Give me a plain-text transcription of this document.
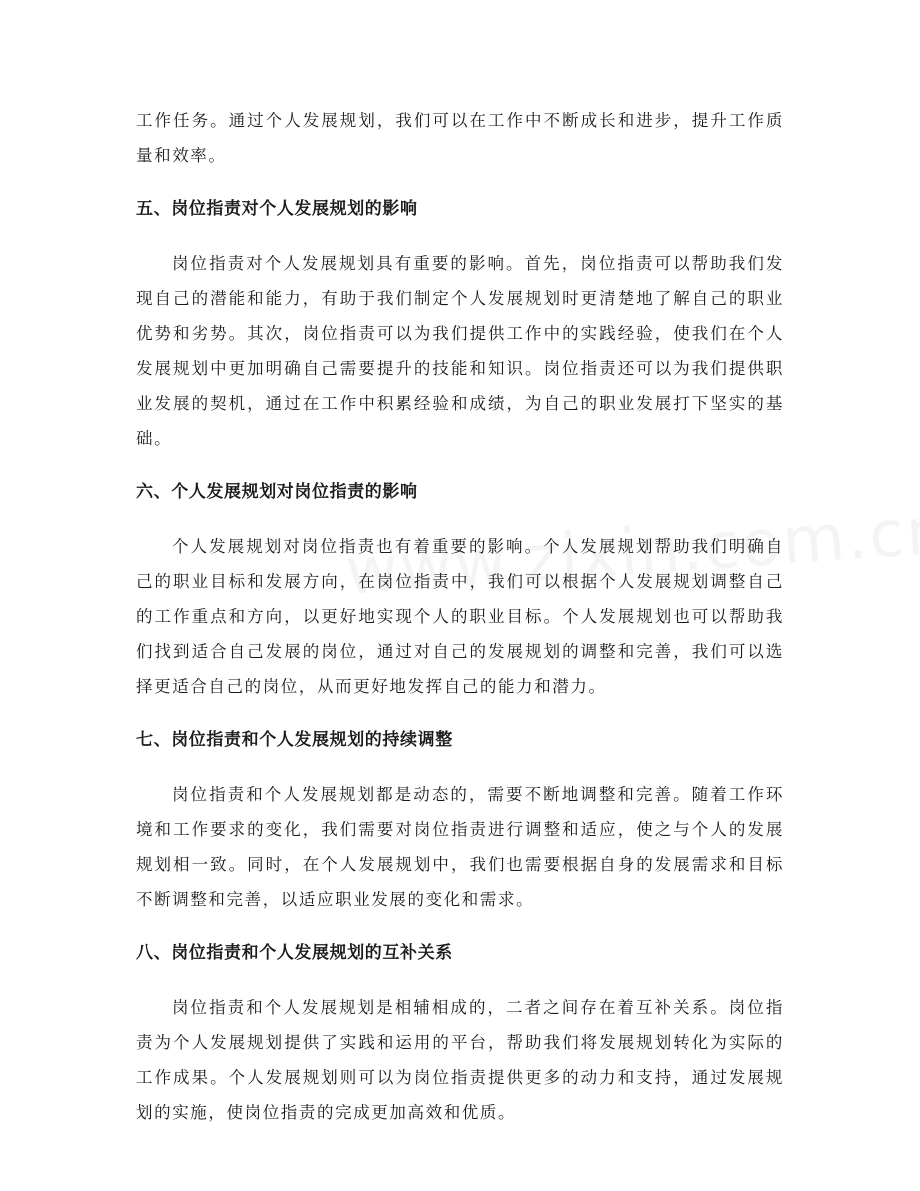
工作任务。通过个人发展规划，我们可以在工作中不断成长和进步，提升工作质量和效率。

五、岗位指责对个人发展规划的影响

岗位指责对个人发展规划具有重要的影响。首先，岗位指责可以帮助我们发现自己的潜能和能力，有助于我们制定个人发展规划时更清楚地了解自己的职业优势和劣势。其次，岗位指责可以为我们提供工作中的实践经验，使我们在个人发展规划中更加明确自己需要提升的技能和知识。岗位指责还可以为我们提供职业发展的契机，通过在工作中积累经验和成绩，为自己的职业发展打下坚实的基础。

六、个人发展规划对岗位指责的影响

个人发展规划对岗位指责也有着重要的影响。个人发展规划帮助我们明确自己的职业目标和发展方向，在岗位指责中，我们可以根据个人发展规划调整自己的工作重点和方向，以更好地实现个人的职业目标。个人发展规划也可以帮助我们找到适合自己发展的岗位，通过对自己的发展规划的调整和完善，我们可以选择更适合自己的岗位，从而更好地发挥自己的能力和潜力。

七、岗位指责和个人发展规划的持续调整

岗位指责和个人发展规划都是动态的，需要不断地调整和完善。随着工作环境和工作要求的变化，我们需要对岗位指责进行调整和适应，使之与个人的发展规划相一致。同时，在个人发展规划中，我们也需要根据自身的发展需求和目标不断调整和完善，以适应职业发展的变化和需求。

八、岗位指责和个人发展规划的互补关系

岗位指责和个人发展规划是相辅相成的，二者之间存在着互补关系。岗位指责为个人发展规划提供了实践和运用的平台，帮助我们将发展规划转化为实际的工作成果。个人发展规划则可以为岗位指责提供更多的动力和支持，通过发展规划的实施，使岗位指责的完成更加高效和优质。
